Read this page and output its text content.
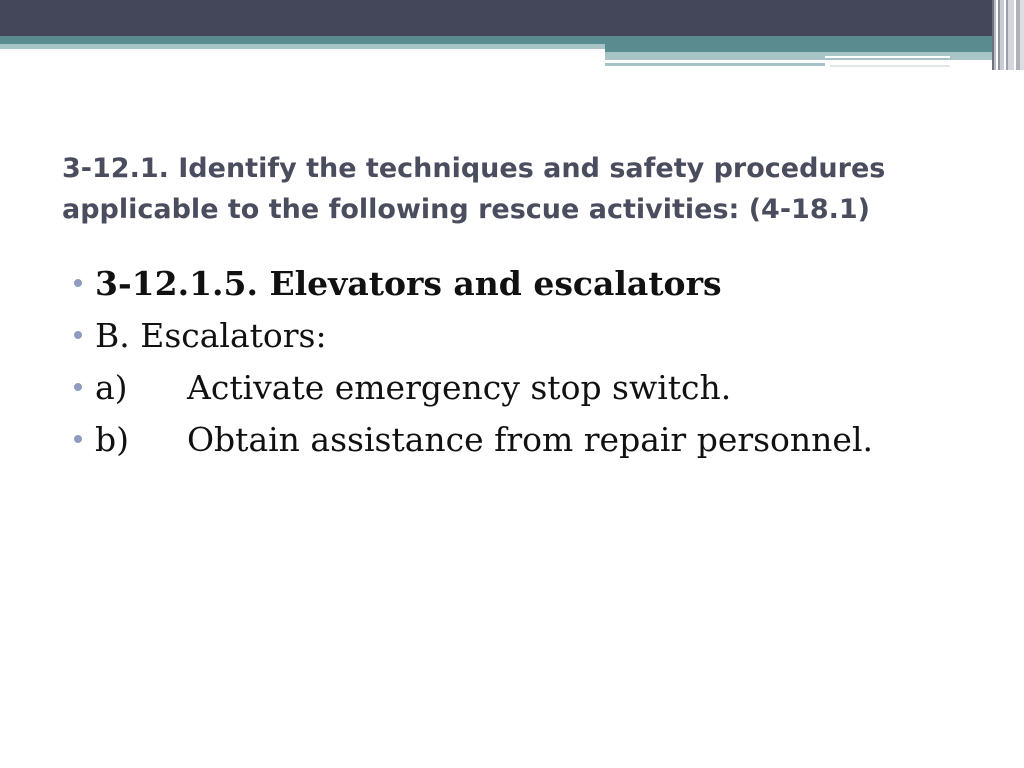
3-12.1. Identify the techniques and safety procedures
applicable to the following rescue activities: (4-18.1)
3-12.1.5. Elevators and escalators
B. Escalators:
a) Activate emergency stop switch.
b) Obtain assistance from repair personnel.
